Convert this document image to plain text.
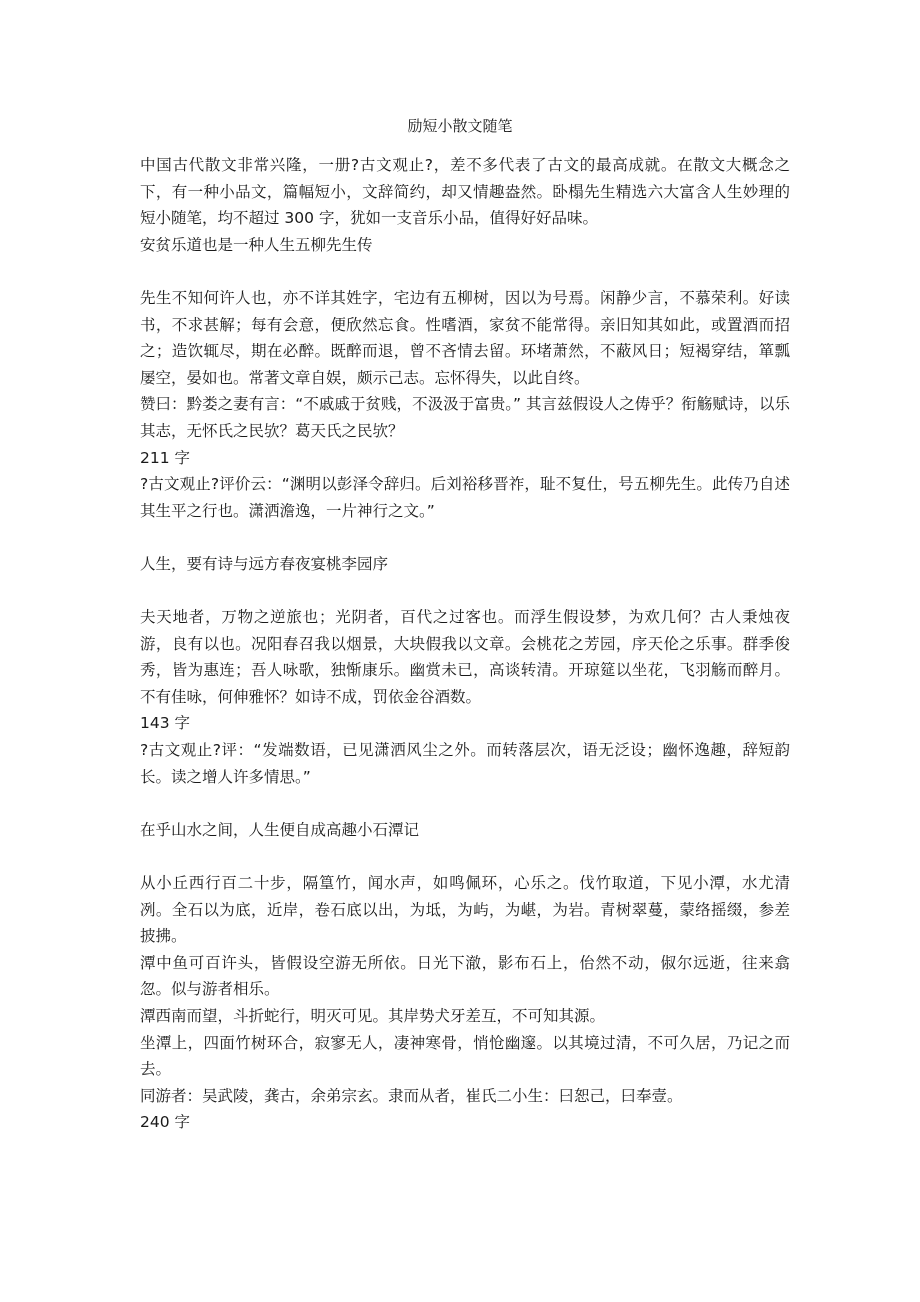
励短小散文随笔

中国古代散文非常兴隆，一册?古文观止?，差不多代表了古文的最高成就。在散文大概念之下，有一种小品文，篇幅短小，文辞简约，却又情趣盎然。卧榻先生精选六大富含人生妙理的短小随笔，均不超过 300 字，犹如一支音乐小品，值得好好品味。

安贫乐道也是一种人生五柳先生传

先生不知何许人也，亦不详其姓字，宅边有五柳树，因以为号焉。闲静少言，不慕荣利。好读书，不求甚解；每有会意，便欣然忘食。性嗜酒，家贫不能常得。亲旧知其如此，或置酒而招之；造饮辄尽，期在必醉。既醉而退，曾不吝情去留。环堵萧然，不蔽风日；短褐穿结，箪瓢屡空，晏如也。常著文章自娱，颇示己志。忘怀得失，以此自终。

赞曰：黔娄之妻有言：“不戚戚于贫贱，不汲汲于富贵。” 其言兹假设人之俦乎？衔觞赋诗，以乐其志，无怀氏之民欤？葛天氏之民欤？

211 字

?古文观止?评价云：“渊明以彭泽令辞归。后刘裕移晋祚，耻不复仕，号五柳先生。此传乃自述其生平之行也。潇洒澹逸，一片神行之文。”

人生，要有诗与远方春夜宴桃李园序

夫天地者，万物之逆旅也；光阴者，百代之过客也。而浮生假设梦，为欢几何？古人秉烛夜游，良有以也。况阳春召我以烟景，大块假我以文章。会桃花之芳园，序天伦之乐事。群季俊秀，皆为惠连；吾人咏歌，独惭康乐。幽赏未已，高谈转清。开琼筵以坐花，飞羽觞而醉月。不有佳咏，何伸雅怀？如诗不成，罚依金谷酒数。

143 字

?古文观止?评：“发端数语，已见潇洒风尘之外。而转落层次，语无泛设；幽怀逸趣，辞短韵长。读之增人许多情思。”

在乎山水之间，人生便自成高趣小石潭记

从小丘西行百二十步，隔篁竹，闻水声，如鸣佩环，心乐之。伐竹取道，下见小潭，水尤清冽。全石以为底，近岸，卷石底以出，为坻，为屿，为嵁，为岩。青树翠蔓，蒙络摇缀，参差披拂。

潭中鱼可百许头，皆假设空游无所依。日光下澈，影布石上，佁然不动，俶尔远逝，往来翕忽。似与游者相乐。

潭西南而望，斗折蛇行，明灭可见。其岸势犬牙差互，不可知其源。

坐潭上，四面竹树环合，寂寥无人，凄神寒骨，悄怆幽邃。以其境过清，不可久居，乃记之而去。

同游者：吴武陵，龚古，余弟宗玄。隶而从者，崔氏二小生：曰恕己，曰奉壹。

240 字
